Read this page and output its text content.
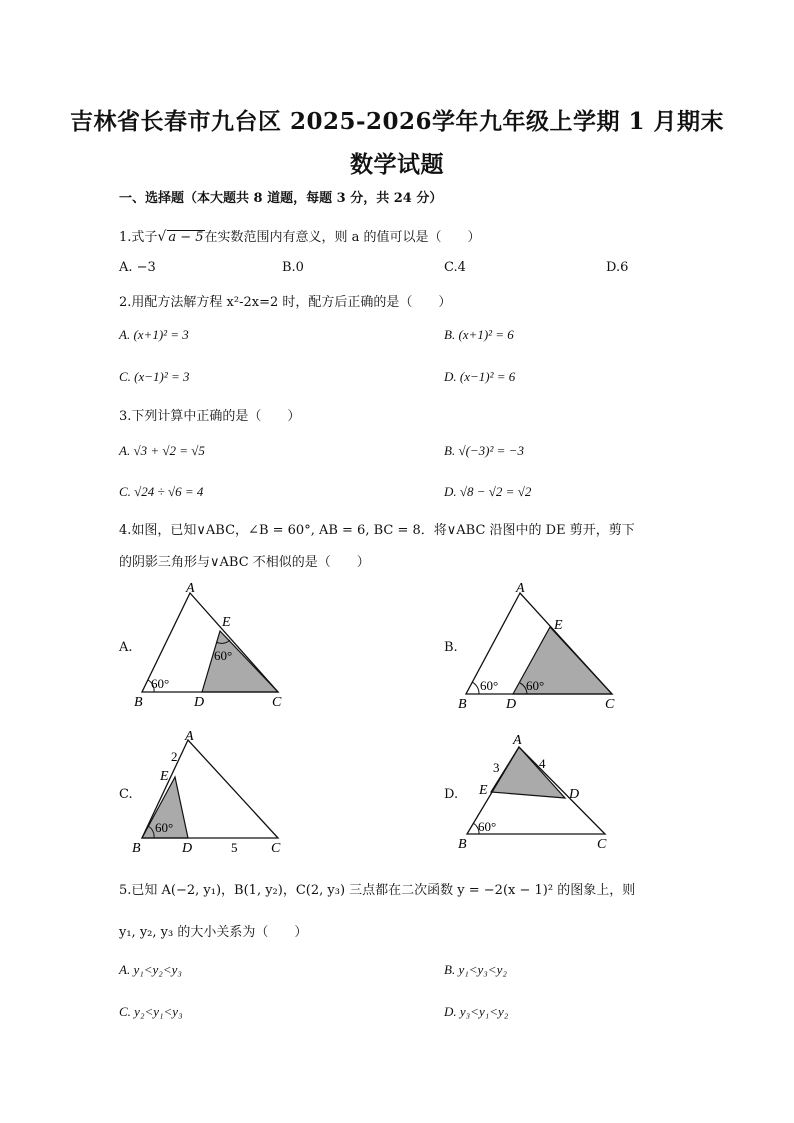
吉林省长春市九台区 2025-2026学年九年级上学期 1 月期末
数学试题
一、选择题（本大题共 8 道题，每题 3 分，共 24 分）
1.式子√ a − 5在实数范围内有意义，则 a 的值可以是（　　）
A. −3	B.0	C.4	D.6
2.用配方法解方程 x²-2x=2 时，配方后正确的是（　　）
A. (x+1)² = 3	B. (x+1)² = 6
C. (x−1)² = 3	D. (x−1)² = 6
3.下列计算中正确的是（　　）
A. √3 + √2 = √5	B. √(−3)² = −3
C. √24 ÷ √6 = 4	D. √8 − √2 = √2
4.如图，已知∨ABC，∠B = 60°, AB = 6, BC = 8．将∨ABC 沿图中的 DE 剪开，剪下
的阴影三角形与∨ABC 不相似的是（　　）
A.	B.
C.	D.
A
E
B	D	C
60°
60°
A
E
B	D	C
60° 60°
A
2
E
B	D	5 C
60°
A
3	4
E	D
B	C
60°
5.已知 A(−2, y₁)，B(1, y₂)，C(2, y₃) 三点都在二次函数 y = −2(x − 1)² 的图象上，则
y₁, y₂, y₃ 的大小关系为（　　）
A. y₁<y₂<y₃	B. y₁<y₃<y₂
C. y₂<y₁<y₃	D. y₃<y₁<y₂
